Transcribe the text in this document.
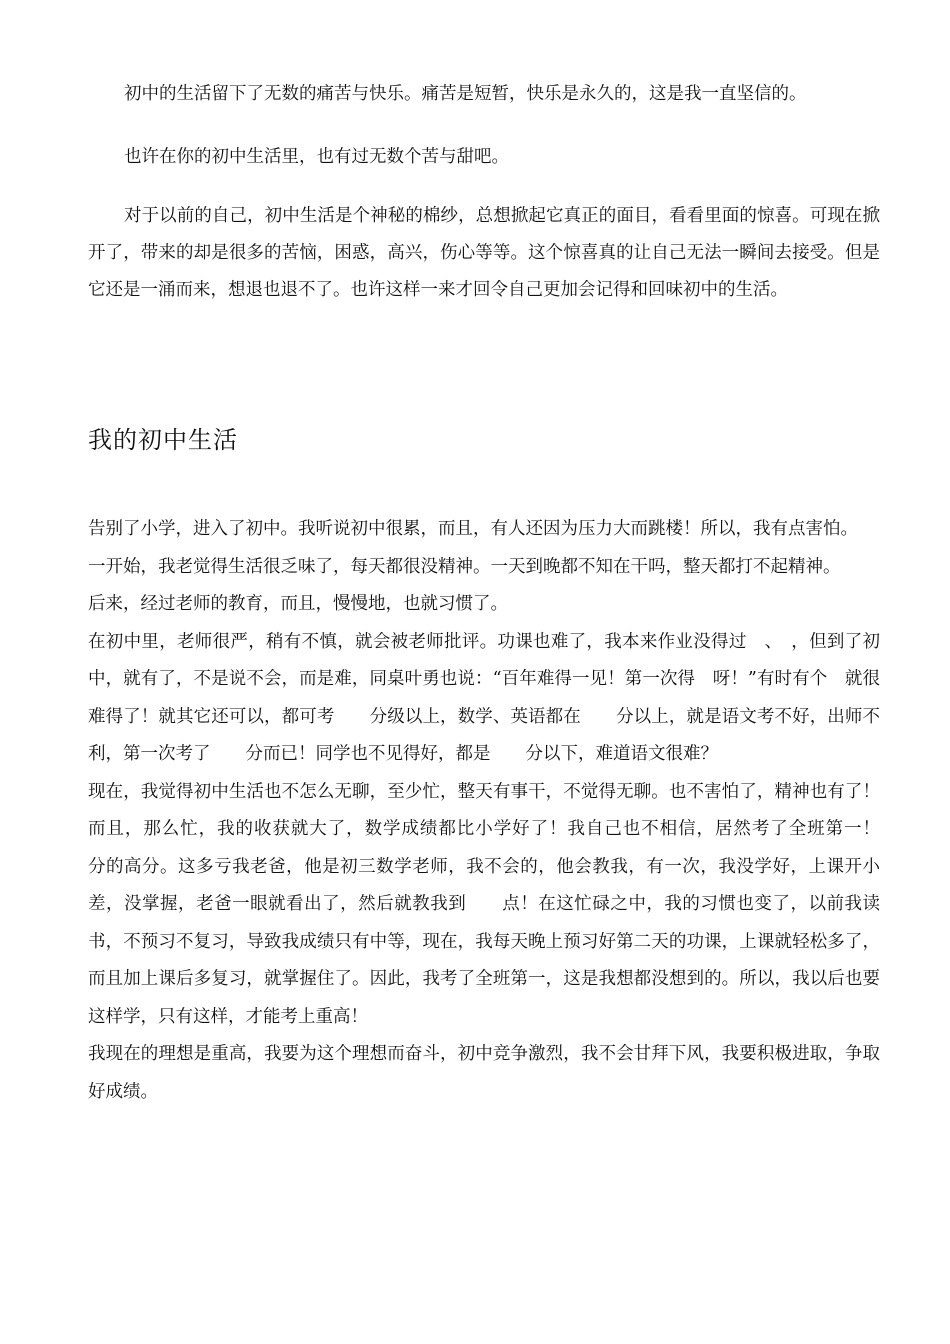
初中的生活留下了无数的痛苦与快乐。痛苦是短暂，快乐是永久的，这是我一直坚信的。

也许在你的初中生活里，也有过无数个苦与甜吧。

对于以前的自己，初中生活是个神秘的棉纱，总想掀起它真正的面目，看看里面的惊喜。可现在掀开了，带来的却是很多的苦恼，困惑，高兴，伤心等等。这个惊喜真的让自己无法一瞬间去接受。但是它还是一涌而来，想退也退不了。也许这样一来才回令自己更加会记得和回味初中的生活。

我的初中生活

告别了小学，进入了初中。我听说初中很累，而且，有人还因为压力大而跳楼！所以，我有点害怕。

一开始，我老觉得生活很乏味了，每天都很没精神。一天到晚都不知在干吗，整天都打不起精神。

后来，经过老师的教育，而且，慢慢地，也就习惯了。

在初中里，老师很严，稍有不慎，就会被老师批评。功课也难了，我本来作业没得过　、　，但到了初中，就有了，不是说不会，而是难，同桌叶勇也说：“百年难得一见！第一次得　呀！”有时有个　就很难得了！就其它还可以，都可考　　分级以上，数学、英语都在　　分以上，就是语文考不好，出师不利，第一次考了　　分而已！同学也不见得好，都是　　分以下，难道语文很难？

现在，我觉得初中生活也不怎么无聊，至少忙，整天有事干，不觉得无聊。也不害怕了，精神也有了！而且，那么忙，我的收获就大了，数学成绩都比小学好了！我自己也不相信，居然考了全班第一！　　分的高分。这多亏我老爸，他是初三数学老师，我不会的，他会教我，有一次，我没学好，上课开小差，没掌握，老爸一眼就看出了，然后就教我到　　点！在这忙碌之中，我的习惯也变了，以前我读书，不预习不复习，导致我成绩只有中等，现在，我每天晚上预习好第二天的功课，上课就轻松多了，而且加上课后多复习，就掌握住了。因此，我考了全班第一，这是我想都没想到的。所以，我以后也要这样学，只有这样，才能考上重高！

我现在的理想是重高，我要为这个理想而奋斗，初中竞争激烈，我不会甘拜下风，我要积极进取，争取好成绩。
